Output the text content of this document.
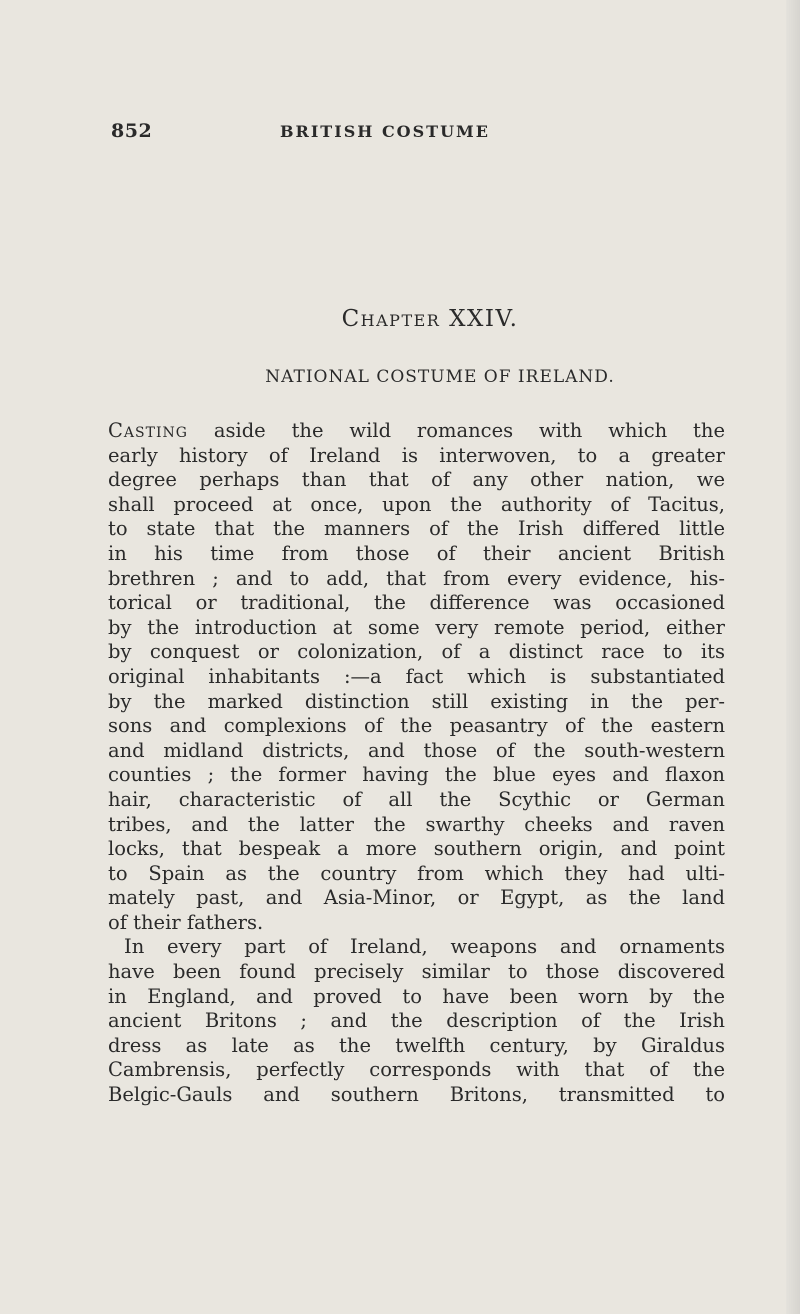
852	BRITISH COSTUME
Chapter XXIV.
NATIONAL COSTUME OF IRELAND.
Casting aside the wild romances with which the
early history of Ireland is interwoven, to a greater
degree perhaps than that of any other nation, we
shall proceed at once, upon the authority of Tacitus,
to state that the manners of the Irish differed little
in his time from those of their ancient British
brethren ; and to add, that from every evidence, his-
torical or traditional, the difference was occasioned
by the introduction at some very remote period, either
by conquest or colonization, of a distinct race to its
original inhabitants :—a fact which is substantiated
by the marked distinction still existing in the per-
sons and complexions of the peasantry of the eastern
and midland districts, and those of the south-western
counties ; the former having the blue eyes and flaxon
hair, characteristic of all the Scythic or German
tribes, and the latter the swarthy cheeks and raven
locks, that bespeak a more southern origin, and point
to Spain as the country from which they had ulti-
mately past, and Asia-Minor, or Egypt, as the land
of their fathers.
In every part of Ireland, weapons and ornaments
have been found precisely similar to those discovered
in England, and proved to have been worn by the
ancient Britons ; and the description of the Irish
dress as late as the twelfth century, by Giraldus
Cambrensis, perfectly corresponds with that of the
Belgic-Gauls and southern Britons, transmitted to
